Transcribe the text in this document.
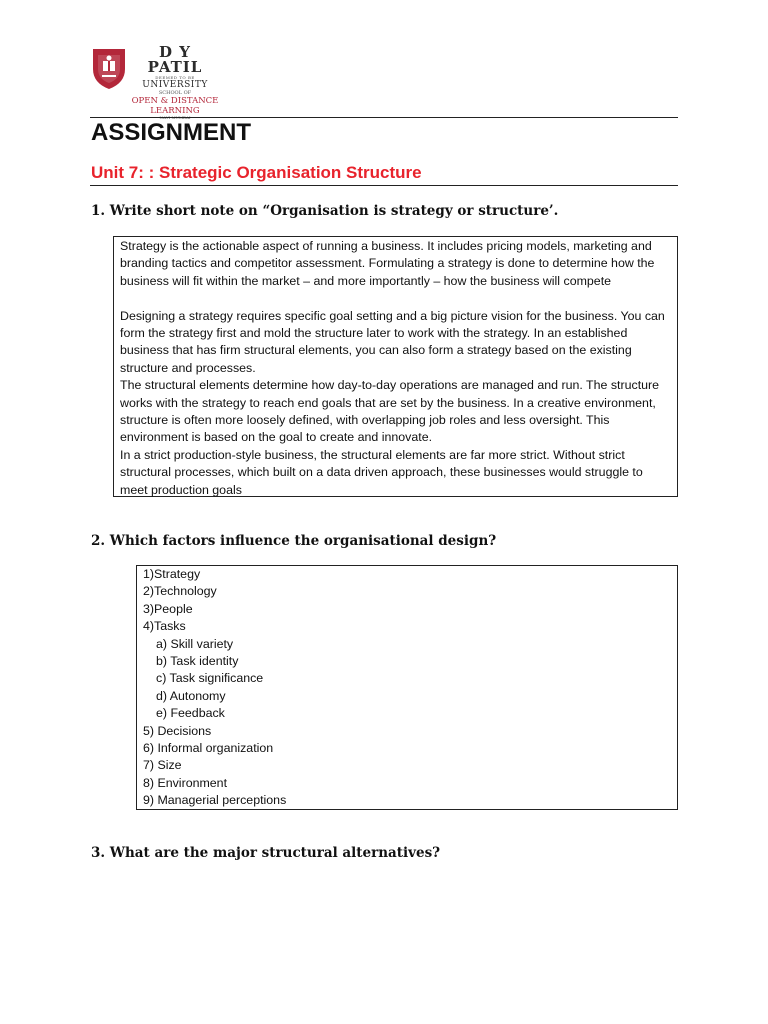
D Y PATIL
DEEMED TO BE
UNIVERSITY
SCHOOL OF
OPEN & DISTANCE
LEARNING
NAVI MUMBAI
ASSIGNMENT
Unit 7: : Strategic Organisation Structure

1. Write short note on “Organisation is strategy or structure’.

Strategy is the actionable aspect of running a business. It includes pricing models, marketing and branding tactics and competitor assessment. Formulating a strategy is done to determine how the business will fit within the market – and more importantly – how the business will compete

Designing a strategy requires specific goal setting and a big picture vision for the business. You can form the strategy first and mold the structure later to work with the strategy. In an established business that has firm structural elements, you can also form a strategy based on the existing structure and processes.

The structural elements determine how day-to-day operations are managed and run. The structure works with the strategy to reach end goals that are set by the business. In a creative environment, structure is often more loosely defined, with overlapping job roles and less oversight. This environment is based on the goal to create and innovate.

In a strict production-style business, the structural elements are far more strict. Without strict structural processes, which built on a data driven approach, these businesses would struggle to meet production goals

2. Which factors influence the organisational design?

1)Strategy
2)Technology
3)People
4)Tasks
a) Skill variety
b) Task identity
c) Task significance
d) Autonomy
e) Feedback
5) Decisions
6) Informal organization
7) Size
8) Environment
9) Managerial perceptions

3. What are the major structural alternatives?
